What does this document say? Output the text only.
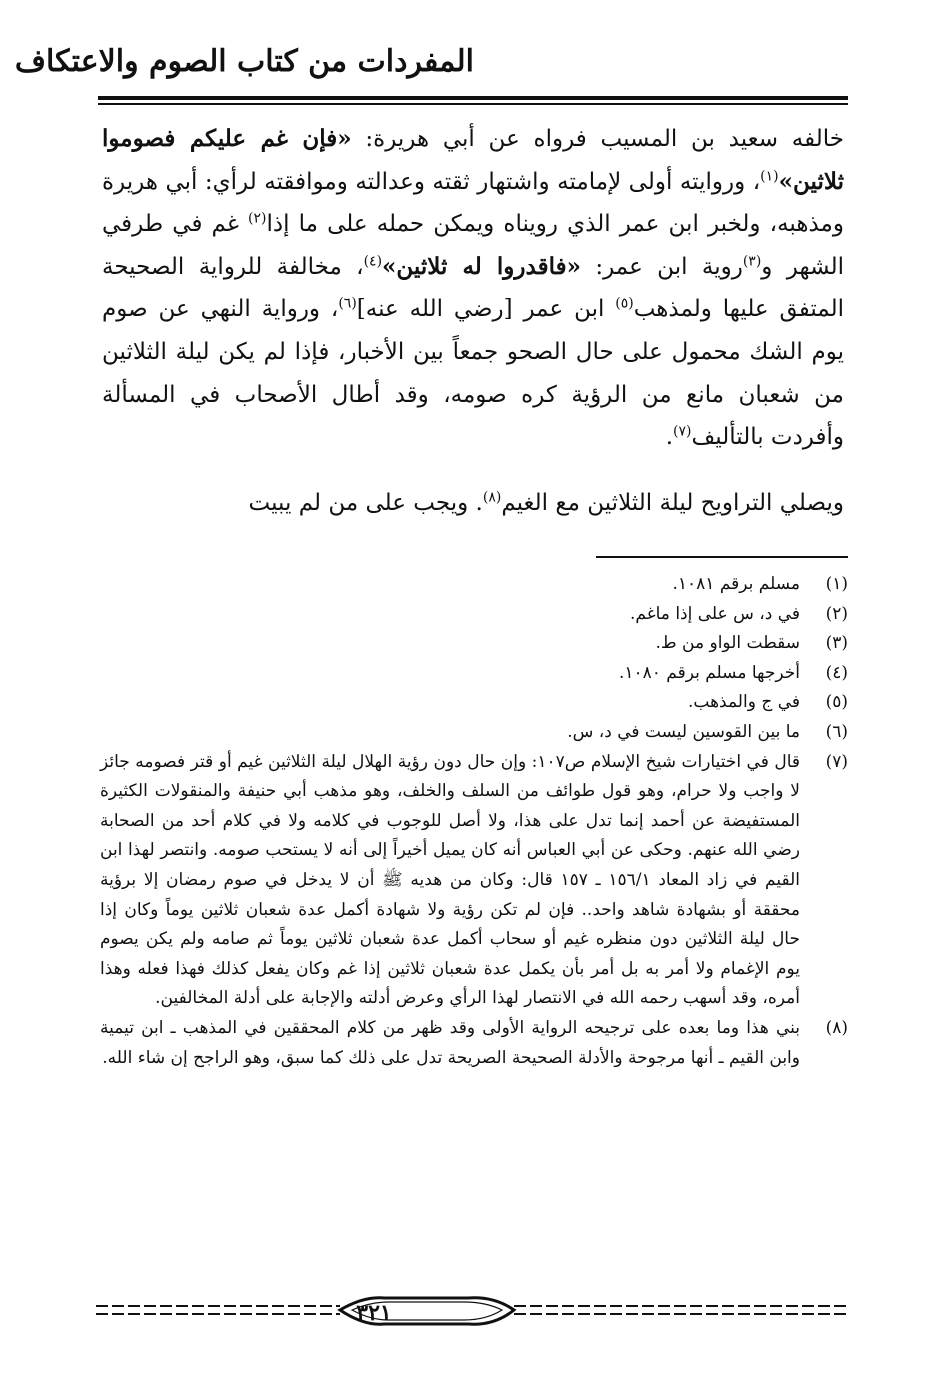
المفردات من كتاب الصوم والاعتكاف
خالفه سعيد بن المسيب فرواه عن أبي هريرة: «فإن غم عليكم فصوموا ثلاثين»$^{(١)}$، وروايته أولى لإمامته واشتهار ثقته وعدالته وموافقته لرأي: أبي هريرة ومذهبه، ولخبر ابن عمر الذي رويناه ويمكن حمله على ما إذا$^{(٢)}$ غم في طرفي الشهر و$^{(٣)}$روية ابن عمر: «فاقدروا له ثلاثين»$^{(٤)}$، مخالفة للرواية الصحيحة المتفق عليها ولمذهب$^{(٥)}$ ابن عمر [رضي الله عنه]$^{(٦)}$، ورواية النهي عن صوم يوم الشك محمول على حال الصحو جمعاً بين الأخبار، فإذا لم يكن ليلة الثلاثين من شعبان مانع من الرؤية كره صومه، وقد أطال الأصحاب في المسألة وأفردت بالتأليف$^{(٧)}$.
ويصلي التراويح ليلة الثلاثين مع الغيم$^{(٨)}$. ويجب على من لم يبيت
(١)
مسلم برقم ١٠٨١.
(٢)
في د، س على إذا ماغم.
(٣)
سقطت الواو من ط.
(٤)
أخرجها مسلم برقم ١٠٨٠.
(٥)
في ج والمذهب.
(٦)
ما بين القوسين ليست في د، س.
(٧)
قال في اختيارات شيخ الإسلام ص١٠٧: وإن حال دون رؤية الهلال ليلة الثلاثين غيم أو قتر فصومه جائز لا واجب ولا حرام، وهو قول طوائف من السلف والخلف، وهو مذهب أبي حنيفة والمنقولات الكثيرة المستفيضة عن أحمد إنما تدل على هذا، ولا أصل للوجوب في كلامه ولا في كلام أحد من الصحابة رضي الله عنهم. وحكى عن أبي العباس أنه كان يميل أخيراً إلى أنه لا يستحب صومه. وانتصر لهذا ابن القيم في زاد المعاد ١٥٦/١ ـ ١٥٧ قال: وكان من هديه ﷺ أن لا يدخل في صوم رمضان إلا برؤية محققة أو بشهادة شاهد واحد.. فإن لم تكن رؤية ولا شهادة أكمل عدة شعبان ثلاثين يوماً وكان إذا حال ليلة الثلاثين دون منظره غيم أو سحاب أكمل عدة شعبان ثلاثين يوماً ثم صامه ولم يكن يصوم يوم الإغمام ولا أمر به بل أمر بأن يكمل عدة شعبان ثلاثين إذا غم وكان يفعل كذلك فهذا فعله وهذا أمره، وقد أسهب رحمه الله في الانتصار لهذا الرأي وعرض أدلته والإجابة على أدلة المخالفين.
(٨)
بني هذا وما بعده على ترجيحه الرواية الأولى وقد ظهر من كلام المحققين في المذهب ـ ابن تيمية وابن القيم ـ أنها مرجوحة والأدلة الصحيحة الصريحة تدل على ذلك كما سبق، وهو الراجح إن شاء الله.
٣٢١
